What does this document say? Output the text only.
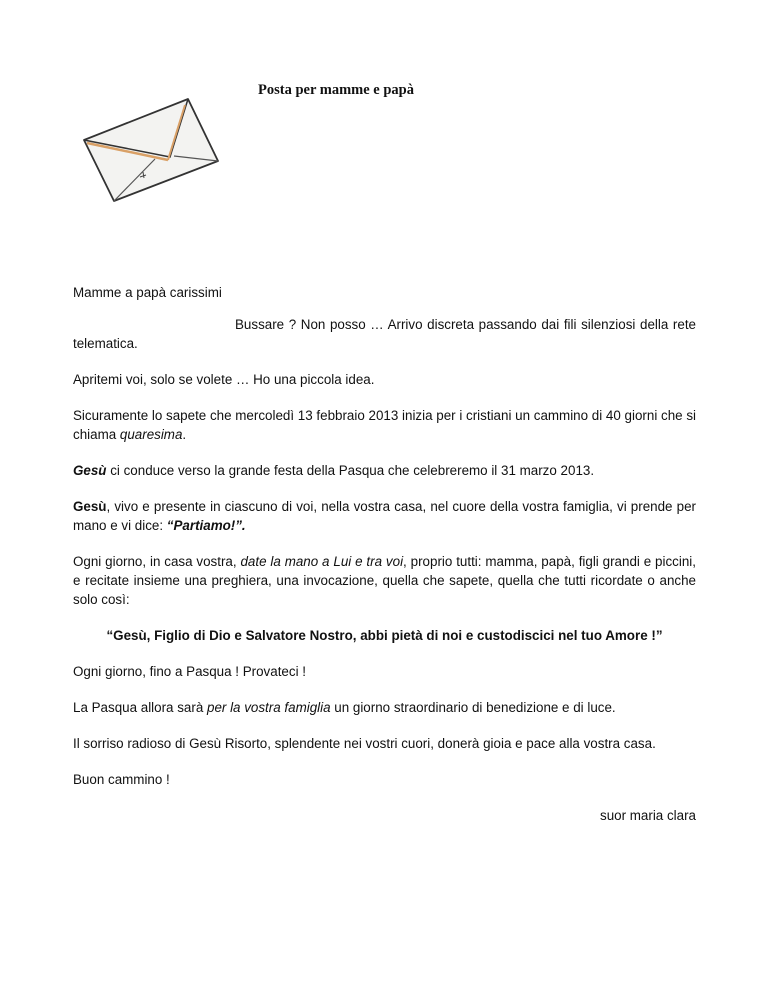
Posta per mamme e papà

Mamme a papà carissimi

Bussare ? Non posso … Arrivo discreta passando dai fili silenziosi della rete telematica.

Apritemi voi, solo se volete … Ho una piccola idea.

Sicuramente lo sapete che mercoledì 13 febbraio 2013 inizia per i cristiani un cammino di 40 giorni che si chiama quaresima.

Gesù ci conduce verso la grande festa della Pasqua che celebreremo il 31 marzo 2013.

Gesù, vivo e presente in ciascuno di voi, nella vostra casa, nel cuore della vostra famiglia, vi prende per mano e vi dice: “Partiamo!”.

Ogni giorno, in casa vostra, date la mano a Lui e tra voi, proprio tutti: mamma, papà, figli grandi e piccini, e recitate insieme una preghiera, una invocazione, quella che sapete, quella che tutti ricordate o anche solo così:

“Gesù, Figlio di Dio e Salvatore Nostro, abbi pietà di noi e custodiscici nel tuo Amore !”

Ogni giorno, fino a Pasqua ! Provateci !

La Pasqua allora sarà per la vostra famiglia un giorno straordinario di benedizione e di luce.

Il sorriso radioso di Gesù Risorto, splendente nei vostri cuori, donerà gioia e pace alla vostra casa.

Buon cammino !

suor maria clara
